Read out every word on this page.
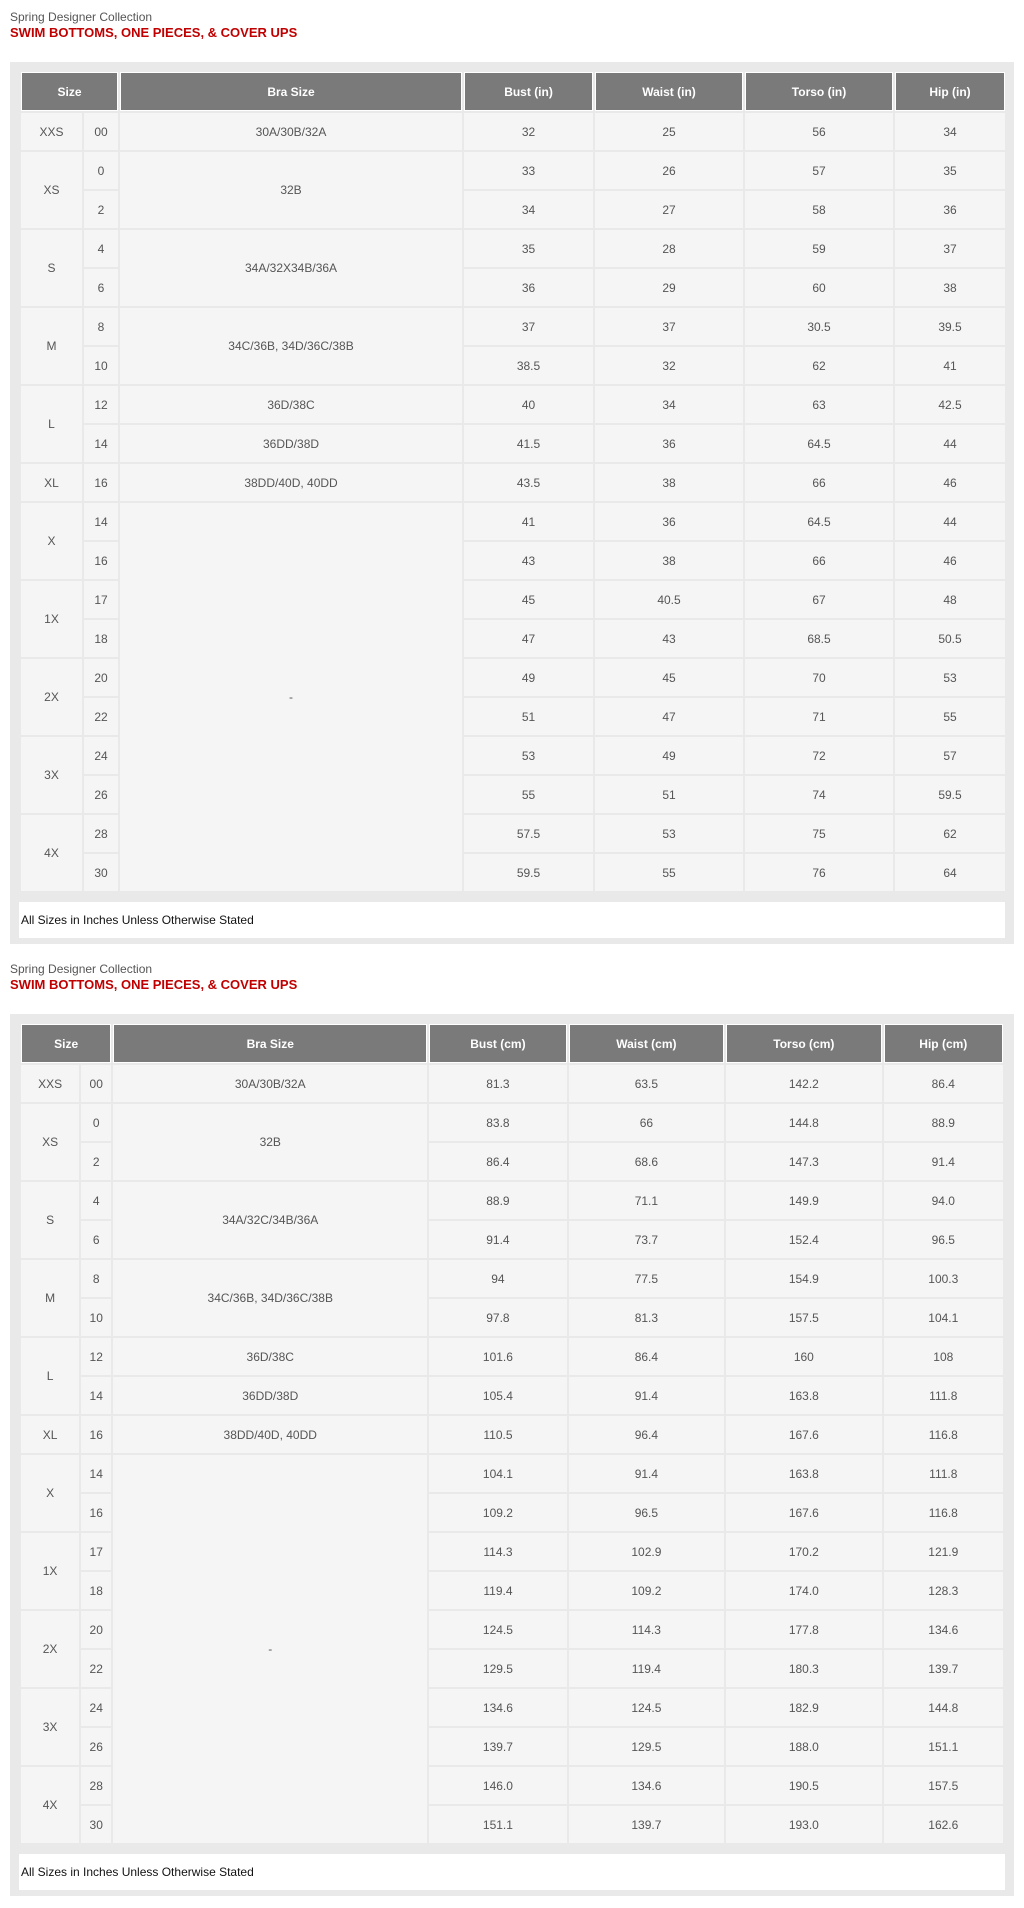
Spring Designer Collection
SWIM BOTTOMS, ONE PIECES, & COVER UPS
Size		Bra Size	Bust (in)	Waist (in)	Torso (in)	Hip (in)
XXS	00	30A/30B/32A	32	25	56	34
XS	0	32B	33	26	57	35
	2		34	27	58	36
S	4	34A/32X34B/36A	35	28	59	37
	6		36	29	60	38
M	8	34C/36B, 34D/36C/38B	37	37	30.5	39.5
	10		38.5	32	62	41
L	12	36D/38C	40	34	63	42.5
	14	36DD/38D	41.5	36	64.5	44
XL	16	38DD/40D, 40DD	43.5	38	66	46
X	14	-	41	36	64.5	44
	16		43	38	66	46
1X	17		45	40.5	67	48
	18		47	43	68.5	50.5
2X	20		49	45	70	53
	22		51	47	71	55
3X	24		53	49	72	57
	26		55	51	74	59.5
4X	28		57.5	53	75	62
	30		59.5	55	76	64
All Sizes in Inches Unless Otherwise Stated
Spring Designer Collection
SWIM BOTTOMS, ONE PIECES, & COVER UPS
Size		Bra Size	Bust (cm)	Waist (cm)	Torso (cm)	Hip (cm)
XXS	00	30A/30B/32A	81.3	63.5	142.2	86.4
XS	0	32B	83.8	66	144.8	88.9
	2		86.4	68.6	147.3	91.4
S	4	34A/32C/34B/36A	88.9	71.1	149.9	94.0
	6		91.4	73.7	152.4	96.5
M	8	34C/36B, 34D/36C/38B	94	77.5	154.9	100.3
	10		97.8	81.3	157.5	104.1
L	12	36D/38C	101.6	86.4	160	108
	14	36DD/38D	105.4	91.4	163.8	111.8
XL	16	38DD/40D, 40DD	110.5	96.4	167.6	116.8
X	14	-	104.1	91.4	163.8	111.8
	16		109.2	96.5	167.6	116.8
1X	17		114.3	102.9	170.2	121.9
	18		119.4	109.2	174.0	128.3
2X	20		124.5	114.3	177.8	134.6
	22		129.5	119.4	180.3	139.7
3X	24		134.6	124.5	182.9	144.8
	26		139.7	129.5	188.0	151.1
4X	28		146.0	134.6	190.5	157.5
	30		151.1	139.7	193.0	162.6
All Sizes in Inches Unless Otherwise Stated
